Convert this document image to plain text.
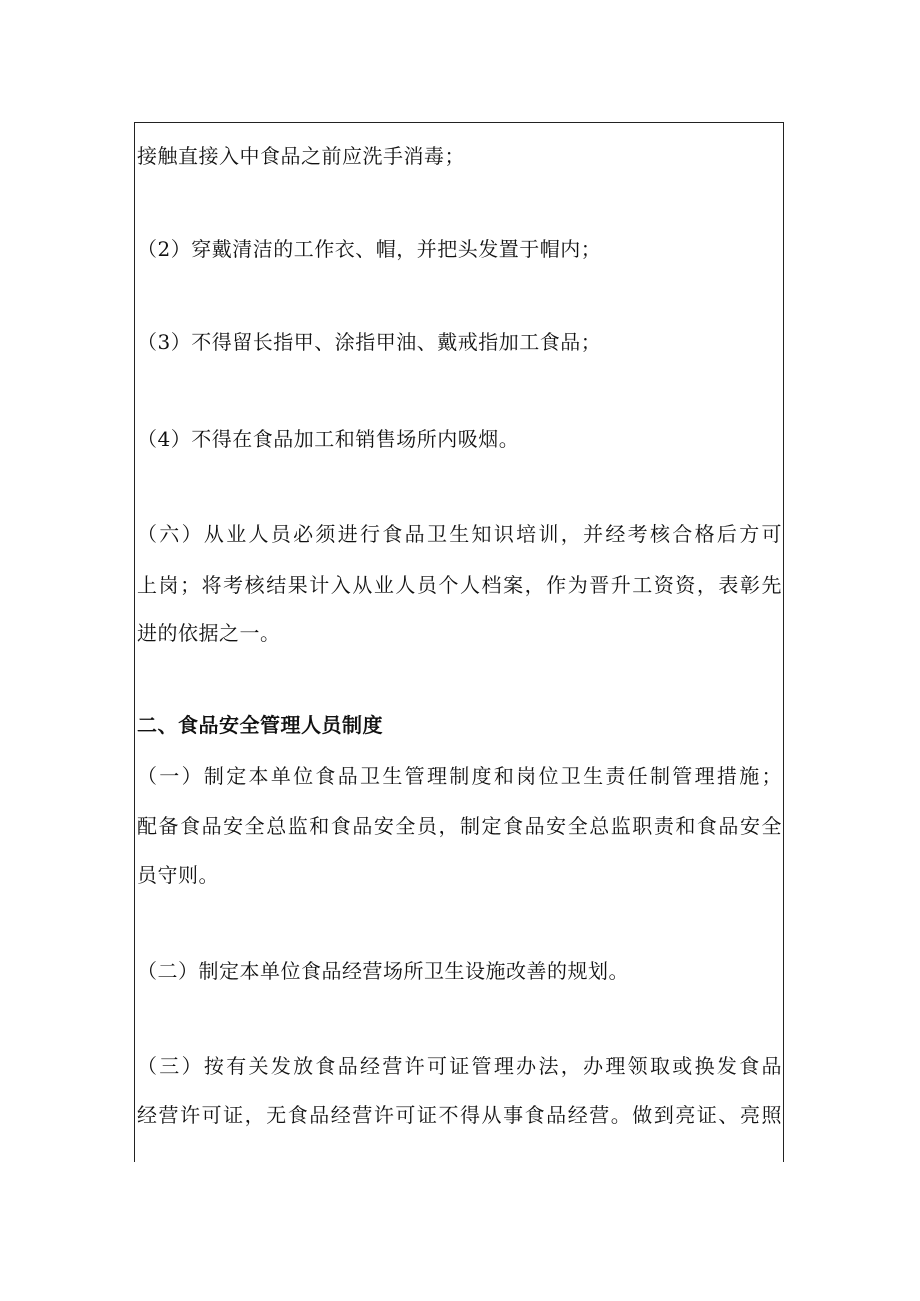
接触直接入中食品之前应洗手消毒；
（2）穿戴清洁的工作衣、帽，并把头发置于帽内；
（3）不得留长指甲、涂指甲油、戴戒指加工食品；
（4）不得在食品加工和销售场所内吸烟。
（六）从业人员必须进行食品卫生知识培训，并经考核合格后方可
上岗；将考核结果计入从业人员个人档案，作为晋升工资资，表彰先
进的依据之一。
二、食品安全管理人员制度
（一）制定本单位食品卫生管理制度和岗位卫生责任制管理措施；
配备食品安全总监和食品安全员，制定食品安全总监职责和食品安全
员守则。
（二）制定本单位食品经营场所卫生设施改善的规划。
（三）按有关发放食品经营许可证管理办法，办理领取或换发食品
经营许可证，无食品经营许可证不得从事食品经营。做到亮证、亮照
